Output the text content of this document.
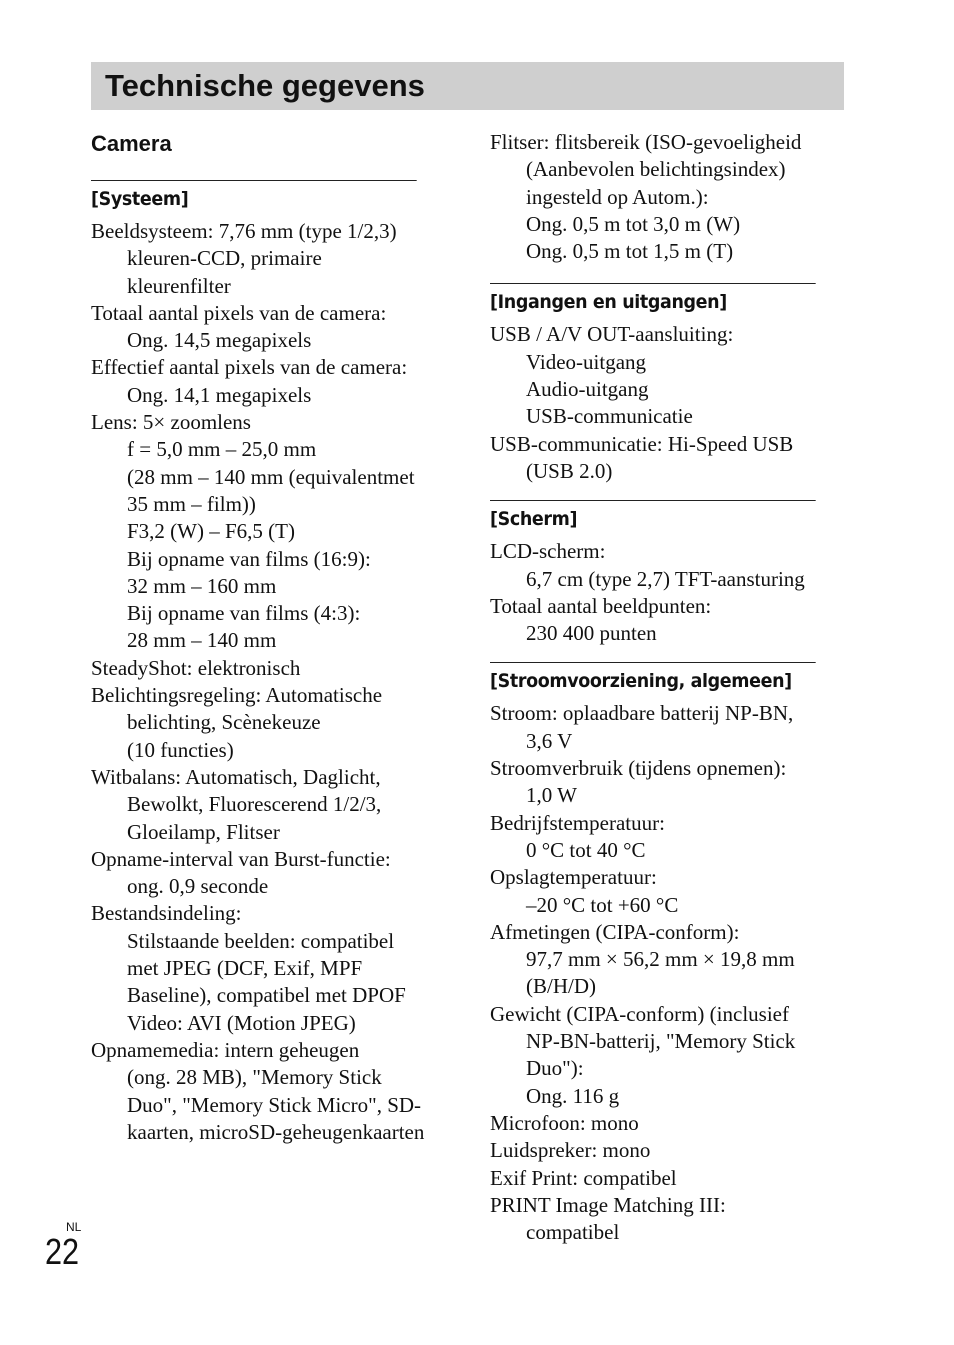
Technische gegevens
Camera
[Systeem]
Beeldsysteem: 7,76 mm (type 1/2,3)
kleuren-CCD, primaire
kleurenfilter
Totaal aantal pixels van de camera:
Ong. 14,5 megapixels
Effectief aantal pixels van de camera:
Ong. 14,1 megapixels
Lens: 5× zoomlens
f = 5,0 mm – 25,0 mm
(28 mm – 140 mm (equivalentmet
35 mm – film))
F3,2 (W) – F6,5 (T)
Bij opname van films (16:9):
32 mm – 160 mm
Bij opname van films (4:3):
28 mm – 140 mm
SteadyShot: elektronisch
Belichtingsregeling: Automatische
belichting, Scènekeuze
(10 functies)
Witbalans: Automatisch, Daglicht,
Bewolkt, Fluorescerend 1/2/3,
Gloeilamp, Flitser
Opname-interval van Burst-functie:
ong. 0,9 seconde
Bestandsindeling:
Stilstaande beelden: compatibel
met JPEG (DCF, Exif, MPF
Baseline), compatibel met DPOF
Video: AVI (Motion JPEG)
Opnamemedia: intern geheugen
(ong. 28 MB), "Memory Stick
Duo", "Memory Stick Micro", SD-
kaarten, microSD-geheugenkaarten
Flitser: flitsbereik (ISO-gevoeligheid
(Aanbevolen belichtingsindex)
ingesteld op Autom.):
Ong. 0,5 m tot 3,0 m (W)
Ong. 0,5 m tot 1,5 m (T)
[Ingangen en uitgangen]
USB / A/V OUT-aansluiting:
Video-uitgang
Audio-uitgang
USB-communicatie
USB-communicatie: Hi-Speed USB
(USB 2.0)
[Scherm]
LCD-scherm:
6,7 cm (type 2,7) TFT-aansturing
Totaal aantal beeldpunten:
230 400 punten
[Stroomvoorziening, algemeen]
Stroom: oplaadbare batterij NP-BN,
3,6 V
Stroomverbruik (tijdens opnemen):
1,0 W
Bedrijfstemperatuur:
0 °C tot 40 °C
Opslagtemperatuur:
–20 °C tot +60 °C
Afmetingen (CIPA-conform):
97,7 mm × 56,2 mm × 19,8 mm
(B/H/D)
Gewicht (CIPA-conform) (inclusief
NP-BN-batterij, "Memory Stick
Duo"):
Ong. 116 g
Microfoon: mono
Luidspreker: mono
Exif Print: compatibel
PRINT Image Matching III:
compatibel
NL
22
